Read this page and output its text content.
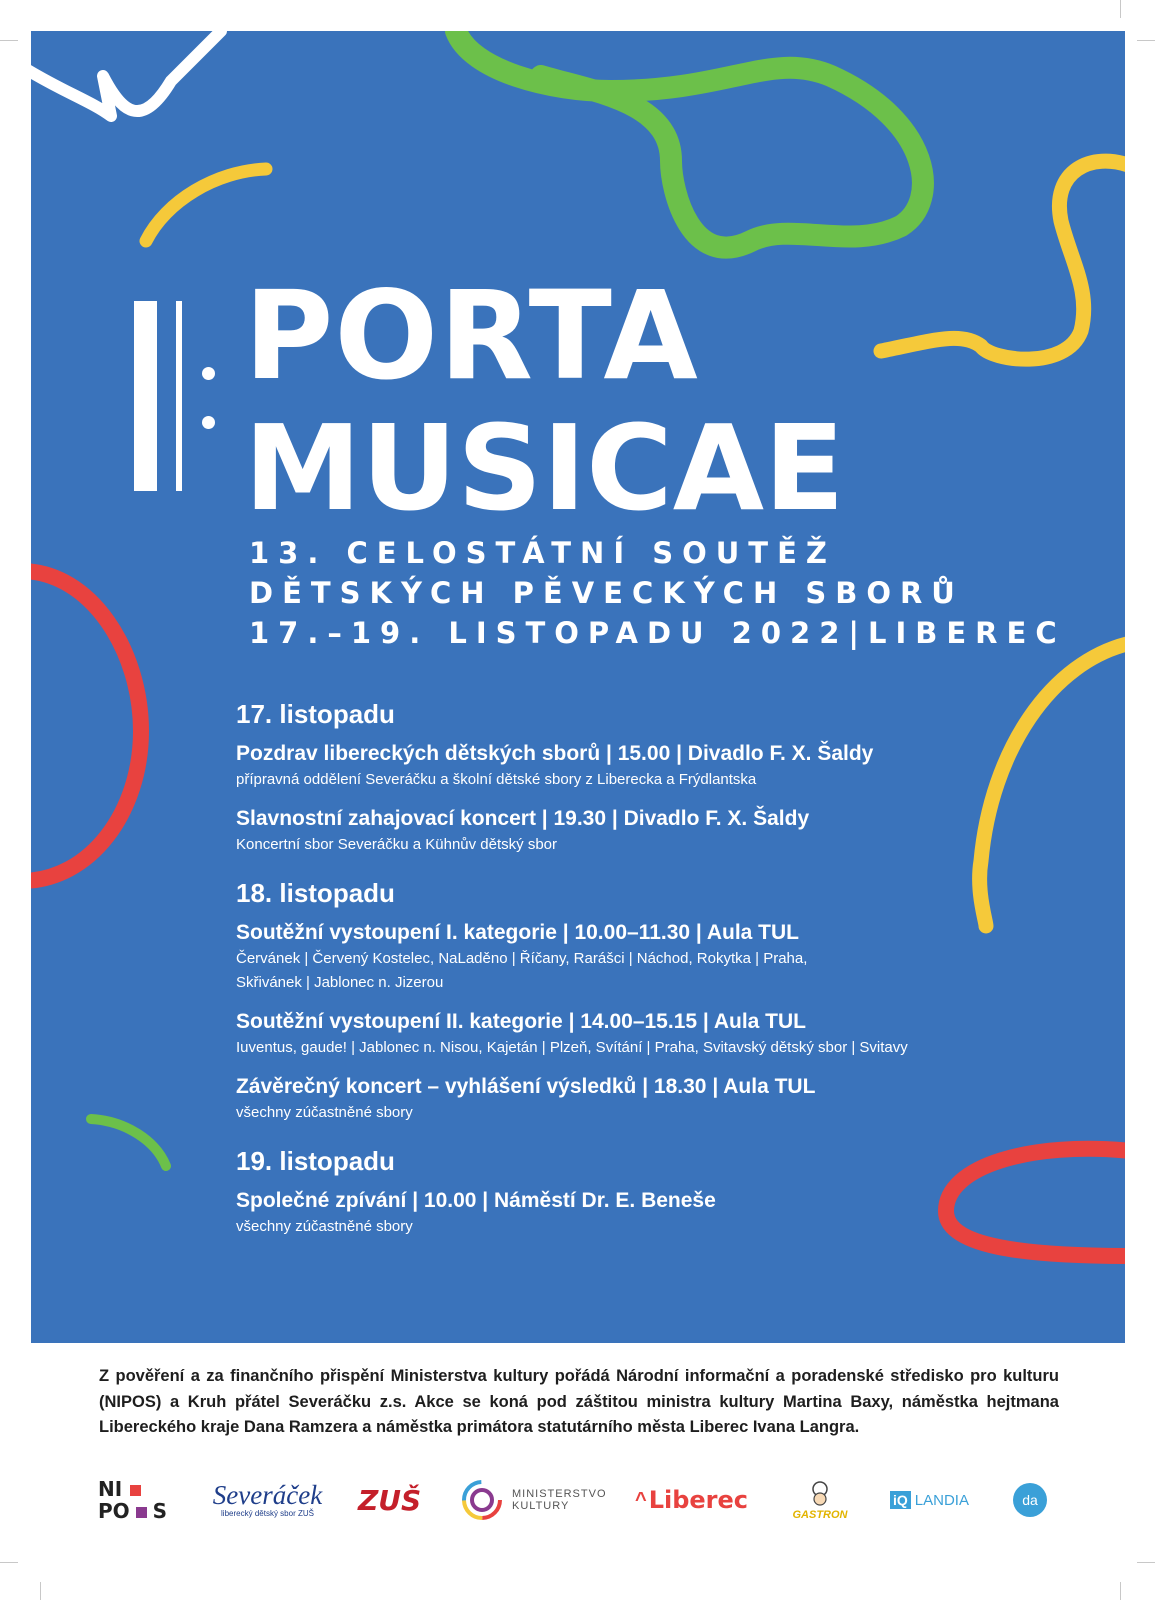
PORTA
MUSICAE
13. CELOSTÁTNÍ SOUTĚŽ
DĚTSKÝCH PĚVECKÝCH SBORŮ
17.–19. LISTOPADU 2022|LIBEREC
17. listopadu
Pozdrav libereckých dětských sborů | 15.00 | Divadlo F. X. Šaldy
přípravná oddělení Severáčku a školní dětské sbory z Liberecka a Frýdlantska
Slavnostní zahajovací koncert | 19.30 | Divadlo F. X. Šaldy
Koncertní sbor Severáčku a Kühnův dětský sbor
18. listopadu
Soutěžní vystoupení I. kategorie | 10.00–11.30 | Aula TUL
Červánek | Červený Kostelec, NaLaděno | Říčany, Rarášci | Náchod, Rokytka | Praha, Skřivánek | Jablonec n. Jizerou
Soutěžní vystoupení II. kategorie | 14.00–15.15 | Aula TUL
Iuventus, gaude! | Jablonec n. Nisou, Kajetán | Plzeň, Svítání | Praha, Svitavský dětský sbor | Svitavy
Závěrečný koncert – vyhlášení výsledků | 18.30 | Aula TUL
všechny zúčastněné sbory
19. listopadu
Společné zpívání | 10.00 | Náměstí Dr. E. Beneše
všechny zúčastněné sbory
Z pověření a za finančního přispění Ministerstva kultury pořádá Národní informační a poradenské středisko pro kulturu (NIPOS) a Kruh přátel Severáčku z.s. Akce se koná pod záštitou ministra kultury Martina Baxy, náměstka hejtmana Libereckého kraje Dana Ramzera a náměstka primátora statutárního města Liberec Ivana Langra.
NI
PO S
Severáček
liberecký dětský sbor ZUŠ ZUŠ	MINISTERSTVO
KULTURY	^ Liberec
GASTRON
iQ LANDIA	da
